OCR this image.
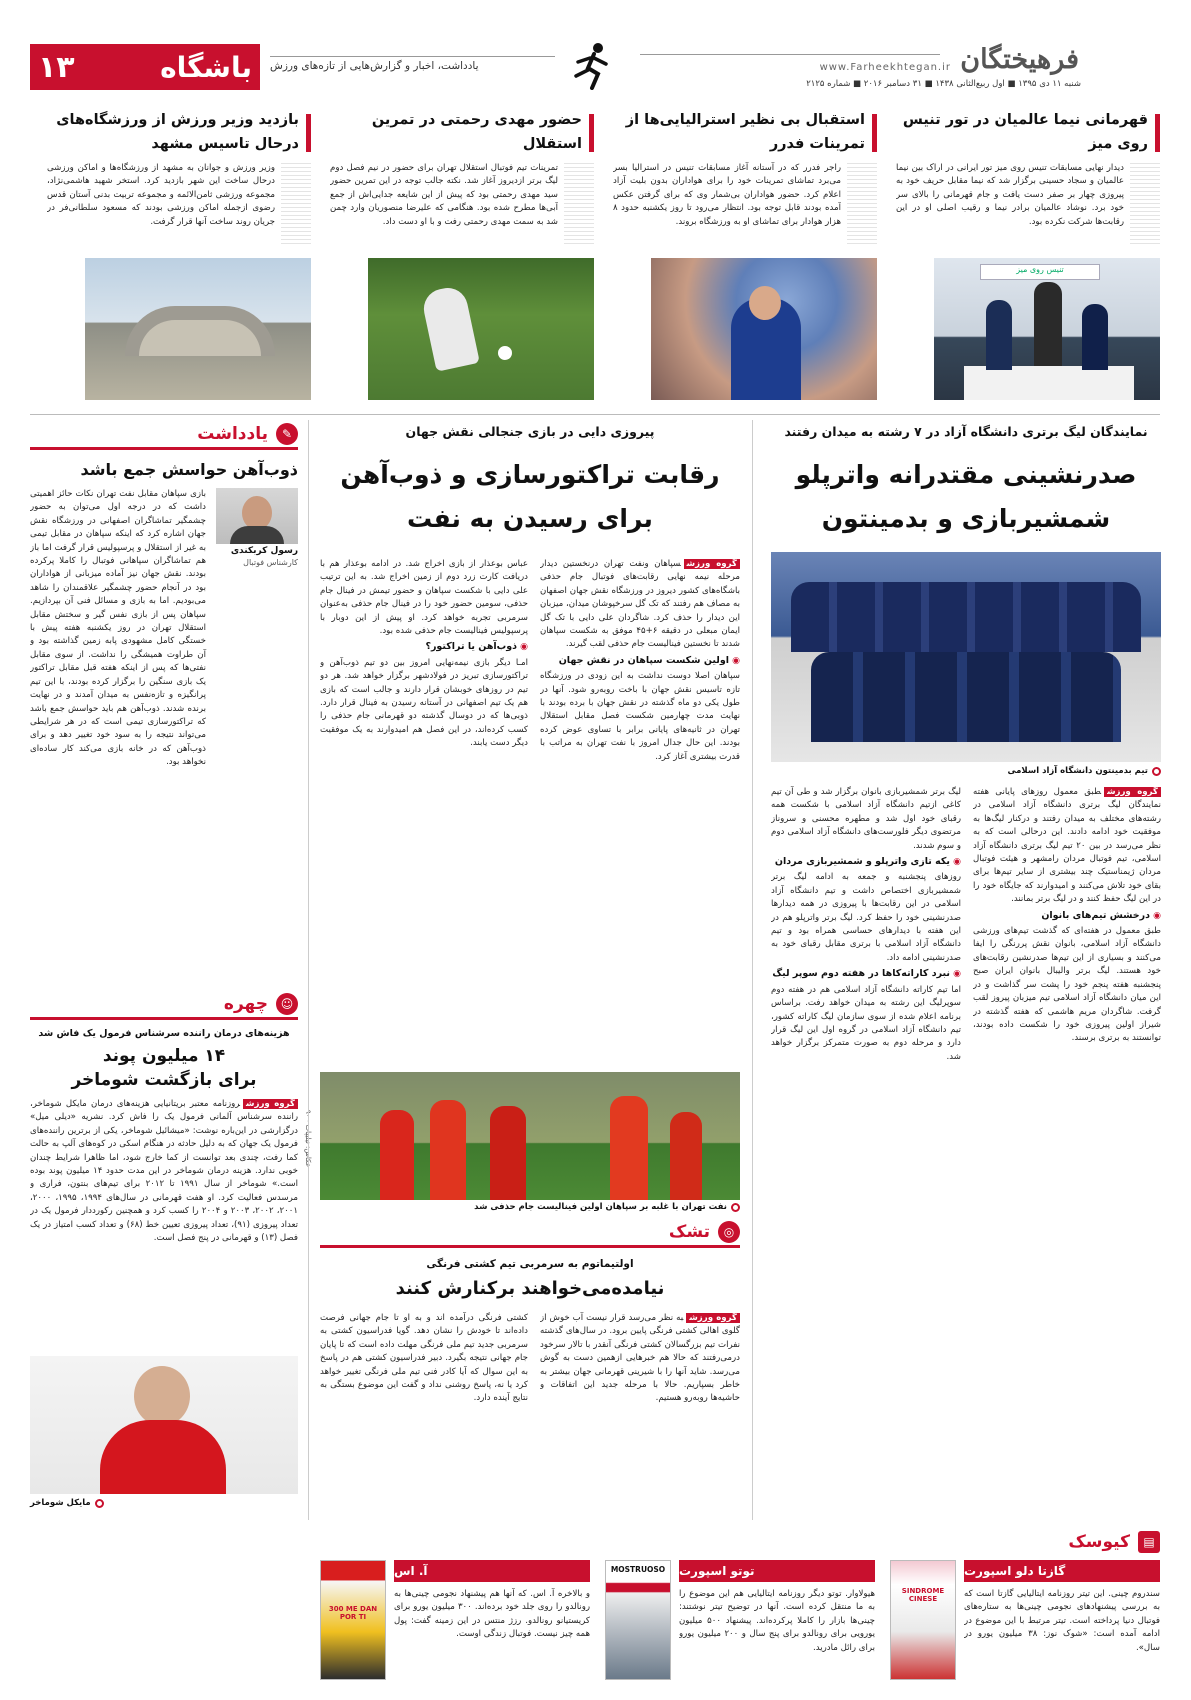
فرهیختگان
www.Farheekhtegan.ir
شنبه ۱۱ دی ۱۳۹۵ ■ اول ربیع‌الثانی ۱۴۳۸ ■ ۳۱ دسامبر ۲۰۱۶ ■ شماره ۲۱۲۵
یادداشت، اخبار و گزارش‌هایی از تازه‌های ورزش
باشگاه
۱۳
قهرمانی نیما عالمیان در تور تنیس روی میز
دیدار نهایی مسابقات تنیس روی میز تور ایرانی در اراک بین نیما عالمیان و سجاد حسینی برگزار شد که نیما مقابل حریف خود به پیروزی چهار بر صفر دست یافت و جام قهرمانی را بالای سر خود برد. نوشاد عالمیان برادر نیما و رقیب اصلی او در این رقابت‌ها شرکت نکرده بود.
تنیس روی میز
استقبال بی نظیر استرالیایی‌ها از تمرینات فدرر
راجر فدرر که در آستانه آغاز مسابقات تنیس در استرالیا بسر می‌برد تماشای تمرینات خود را برای هواداران بدون بلیت آزاد اعلام کرد. حضور هواداران بی‌شمار وی که برای گرفتن عکس آمده بودند قابل توجه بود. انتظار می‌رود تا روز یکشنبه حدود ۸ هزار هوادار برای تماشای او به ورزشگاه بروند.
حضور مهدی رحمتی در تمرین استقلال
تمرینات تیم فوتبال استقلال تهران برای حضور در نیم فصل دوم لیگ برتر ازدیروز آغاز شد. نکته جالب توجه در این تمرین حضور سید مهدی رحمتی بود که پیش از این شایعه جدایی‌اش از جمع آبی‌ها مطرح شده بود. هنگامی که علیرضا منصوریان وارد چمن شد به سمت مهدی رحمتی رفت و با او دست داد.
بازدید وزیر ورزش از ورزشگاه‌های درحال تاسیس مشهد
وزیر ورزش و جوانان به مشهد از ورزشگاه‌ها و اماکن ورزشی درحال ساخت این شهر بازدید کرد. استخر شهید هاشمی‌نژاد، مجموعه ورزشی ثامن‌الائمه و مجموعه تربیت بدنی آستان قدس رضوی ازجمله اماکن ورزشی بودند که مسعود سلطانی‌فر در جریان روند ساخت آنها قرار گرفت.
نمایندگان لیگ برتری دانشگاه آزاد در ۷ رشته به میدان رفتند
صدرنشینی مقتدرانه واترپلو
شمشیربازی و بدمینتون
تیم بدمینتون دانشگاه آزاد اسلامی
گروه ورزشطبق معمول روزهای پایانی هفته نمایندگان لیگ برتری دانشگاه آزاد اسلامی در رشته‌های مختلف به میدان رفتند و درکنار لیگ‌ها به موفقیت خود ادامه دادند. این درحالی است که به نظر می‌رسد در بین ۲۰ تیم لیگ برتری دانشگاه آزاد اسلامی، تیم فوتبال مردان رامشهر و هیئت فوتبال مردان ژیمناستیک چند بیشتری از سایر تیم‌ها برای بقای خود تلاش می‌کنند و امیدوارند که جایگاه خود را در این لیگ حفظ کنند و در لیگ برتر بمانند.
◉ درخشش تیم‌های بانوان
طبق معمول در هفته‌ای که گذشت تیم‌های ورزشی دانشگاه آزاد اسلامی، بانوان نقش پررنگی را ایفا می‌کنند و بسیاری از این تیم‌ها صدرنشین رقابت‌های خود هستند. لیگ برتر والیبال بانوان ایران صبح پنجشنبه هفته پنجم خود را پشت سر گذاشت و در این میان دانشگاه آزاد اسلامی تیم میزبان پیروز لقب گرفت. شاگردان مریم هاشمی که هفته گذشته در شیراز اولین پیروزی خود را شکست داده بودند، توانستند به برتری برسند.
لیگ برتر شمشیربازی بانوان برگزار شد و طی آن تیم کاغی ازتیم دانشگاه آزاد اسلامی با شکست همه رقبای خود اول شد و مطهره محسنی و سروناز مرتضوی دیگر فلورست‌های دانشگاه آزاد اسلامی دوم و سوم شدند.
◉ یکه تازی واترپلو و شمشیربازی مردان
روزهای پنجشنبه و جمعه به ادامه لیگ برتر شمشیربازی اختصاص داشت و تیم دانشگاه آزاد اسلامی در این رقابت‌ها با پیروزی در همه دیدارها صدرنشینی خود را حفظ کرد. لیگ برتر واترپلو هم در این هفته با دیدارهای حساسی همراه بود و تیم دانشگاه آزاد اسلامی با برتری مقابل رقبای خود به صدرنشینی ادامه داد.
◉ نبرد کاراته‌کاها در هفته دوم سوپر لیگ
اما تیم کاراته دانشگاه آزاد اسلامی هم در هفته دوم سوپرلیگ این رشته به میدان خواهد رفت. براساس برنامه اعلام شده از سوی سازمان لیگ کاراته کشور، تیم دانشگاه آزاد اسلامی در گروه اول این لیگ قرار دارد و مرحله دوم به صورت متمرکز برگزار خواهد شد.
پیروزی دایی در بازی جنجالی نقش جهان
رقابت تراکتورسازی و ذوب‌آهن
برای رسیدن به نفت
گروه ورزشسپاهان ونفت تهران درنخستین دیدار مرحله نیمه نهایی رقابت‌های فوتبال جام حذفی باشگاه‌های کشور دیروز در ورزشگاه نقش جهان اصفهان به مصاف هم رفتند که تک گل سرخپوشان میدان، میزبان این دیدار را حذف کرد. شاگردان علی دایی با تک گل ایمان مبعلی در دقیقه ۶+۴۵ موفق به شکست سپاهان شدند تا نخستین فینالیست جام حذفی لقب گیرند.
◉ اولین شکست سپاهان در نقش جهان
سپاهان اصلا دوست نداشت به این زودی در ورزشگاه تازه تاسیس نقش جهان با باخت روبه‌رو شود. آنها در طول یکی دو ماه گذشته در نقش جهان با برده بودند با نهایت مدت چهارمین شکست فصل مقابل استقلال تهران در ثانیه‌های پایانی برابر با تساوی عوض کرده بودند. این حال جدال امروز با نفت تهران به مراتب با قدرت بیشتری آغاز کرد.
عباس بوعذار از بازی اخراج شد. در ادامه بوعذار هم با دریافت کارت زرد دوم از زمین اخراج شد. به این ترتیب علی دایی با شکست سپاهان و حضور تیمش در فینال جام حذفی، سومین حضور خود را در فینال جام حذفی به‌عنوان سرمربی تجربه خواهد کرد. او پیش از این دوبار با پرسپولیس فینالیست جام حذفی شده بود.
◉ ذوب‌آهن یا تراکتور؟
امـا دیگر بازی نیمه‌نهایی امروز بین دو تیم ذوب‌آهن و تراکتورسازی تبریز در فولادشهر برگزار خواهد شد. هر دو تیم در روزهای خوبشان قرار دارند و جالب است که بازی هم یک تیم اصفهانی در آستانه رسیدن به فینال قرار دارد. ذوبی‌ها که در دوسال گذشته دو قهرمانی جام حذفی را کسب کرده‌اند، در این فصل هم امیدوارند به یک موفقیت دیگر دست یابند.
عکاس: نیلیپات - ۹۰
نفت تهران با غلبه بر سپاهان اولین فینالیست جام حذفی شد
◎
تشک
اولتیماتوم به سرمربی تیم کشتی فرنگی
نیامده‌می‌خواهند برکنارش کنند
گروه ورزشبه نظر می‌رسد قرار نیست آب خوش از گلوی اهالی کشتی فرنگی پایین برود. در سال‌های گذشته نفرات تیم بزرگسالان کشتی فرنگی آنقدر با تالار سرخود درمی‌رفتند که حالا هم خبرهایی ازهمین دست به گوش می‌رسد. شاید آنها را با شیرینی قهرمانی جهان بیشتر به خاطر بسپاریم. حالا با مرحله جدید این اتفاقات و حاشیه‌ها روبه‌رو هستیم.
کشتی فرنگی درآمده اند و به او تا جام جهانی فرصت داده‌اند تا خودش را نشان دهد. گویا فدراسیون کشتی به سرمربی جدید تیم ملی فرنگی مهلت داده است که تا پایان جام جهانی نتیجه بگیرد. دبیر فدراسیون کشتی هم در پاسخ به این سوال که آیا کادر فنی تیم ملی فرنگی تغییر خواهد کرد یا نه، پاسخ روشنی نداد و گفت این موضوع بستگی به نتایج آینده دارد.
✎
یادداشت
ذوب‌آهن حواسش جمع باشد
رسول کربکندی
کارشناس فوتبال
بازی سپاهان مقابل نفت تهران نکات حائز اهمیتی داشت که در درجه اول می‌توان به حضور چشمگیر تماشاگران اصفهانی در ورزشگاه نقش جهان اشاره کرد که اینکه سپاهان در مقابل تیمی به غیر از استقلال و پرسپولیس قرار گرفت اما باز هم تماشاگران سپاهانی فوتبال را کاملا پرکرده بودند. نقش جهان نیز آماده میزبانی از هواداران بود در آنجام حضور چشمگیر علاقمندان را شاهد می‌بودیم. اما به بازی و مسائل فنی آن بپردازیم. سپاهان پس از بازی نفس گیر و سختش مقابل استقلال تهران در روز یکشنبه هفته پیش با خستگی کامل مشهودی پابه زمین گذاشته بود و آن طراوت همیشگی را نداشت. از سوی مقابل نفتی‌ها که پس از اینکه هفته قبل مقابل تراکتور یک بازی سنگین را برگزار کرده بودند، با این تیم پرانگیزه و تازه‌نفس به میدان آمدند و در نهایت برنده شدند. ذوب‌آهن هم باید حواسش جمع باشد که تراکتورسازی تیمی است که در هر شرایطی می‌تواند نتیجه را به سود خود تغییر دهد و برای ذوب‌آهن که در خانه بازی می‌کند کار ساده‌ای نخواهد بود.
☺
چهره
هزینه‌های درمان راننده سرشناس فرمول یک فاش شد
۱۴ میلیون پوند
برای بازگشت شوماخر
گروه ورزشروزنامه معتبر بریتانیایی هزینه‌های درمان مایکل شوماخر، راننده سرشناس آلمانی فرمول یک را فاش کرد. نشریه «دیلی میل» درگزارشی در این‌باره نوشت: «میشائیل شوماخر، یکی از برترین راننده‌های فرمول یک جهان که به دلیل حادثه در هنگام اسکی در کوه‌های آلپ به حالت کما رفت، چندی بعد توانست از کما خارج شود، اما ظاهرا شرایط چندان خوبی ندارد. هزینه درمان شوماخر در این مدت حدود ۱۴ میلیون پوند بوده است.» شوماخر از سال ۱۹۹۱ تا ۲۰۱۲ برای تیم‌های بنتون، فراری و مرسدس فعالیت کرد. او هفت قهرمانی در سال‌های ۱۹۹۴، ۱۹۹۵، ۲۰۰۰، ۲۰۰۱، ۲۰۰۲، ۲۰۰۳ و ۲۰۰۴ را کسب کرد و همچنین رکورددار فرمول یک در تعداد پیروزی (۹۱)، تعداد پیروزی تعیین خط (۶۸) و تعداد کسب امتیاز در یک فصل (۱۳) و قهرمانی در پنج فصل است.
مایکل شوماخر
▤
کیوسک
SINDROME CINESE
گازتا دلو اسپورت
سندروم چینی. این تیتر روزنامه ایتالیایی گازتا است که به بررسی پیشنهادهای نجومی چینی‌ها به ستاره‌های فوتبال دنیا پرداخته است. تیتر مرتبط با این موضوع در ادامه آمده است: «شوک نوز: ۳۸ میلیون یورو در سال».
MOSTRUOSO	توتو اسپورت
هیولاوار. توتو دیگر روزنامه ایتالیایی هم این موضوع را به ما منتقل کرده است. آنها در توضیح تیتر نوشتند: چینی‌ها بازار را کاملا پرکرده‌اند. پیشنهاد ۵۰۰ میلیون یورویی برای رونالدو برای پنج سال و ۲۰۰ میلیون یورو برای رائل مادرید.
300 ME DAN POR TI
آ. اس
و بالاخره آ. اس. که آنها هم پیشنهاد نجومی چینی‌ها به رونالدو را روی جلد خود برده‌اند. ۳۰۰ میلیون یورو برای کریستیانو رونالدو. رزژ منتس در این زمینه گفت: پول همه چیز نیست. فوتبال زندگی اوست.
